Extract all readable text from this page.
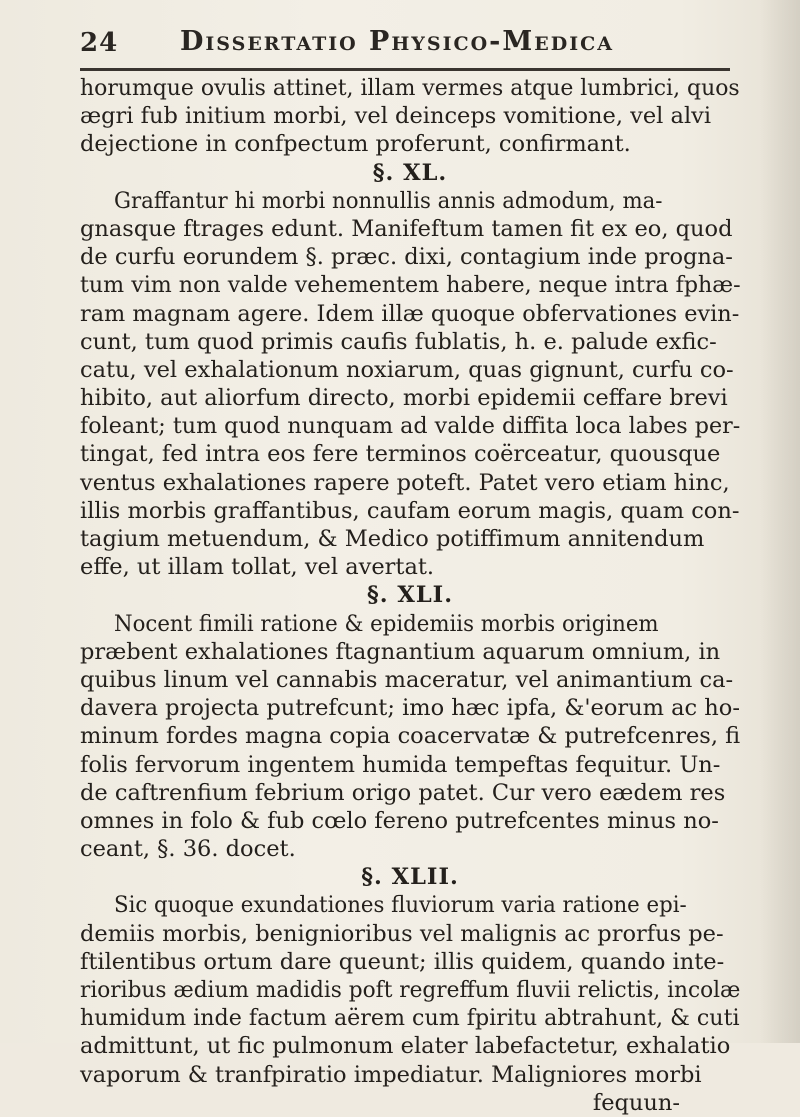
24 Dissertatio Physico-Medica
horumque ovulis attinet, illam vermes atque lumbrici, quos
ægri fub initium morbi, vel deinceps vomitione, vel alvi
dejectione in confpectum proferunt, confirmant.
§. XL.
Graffantur hi morbi nonnullis annis admodum, ma-
gnasque ftrages edunt. Manifeftum tamen fit ex eo, quod
de curfu eorundem §. præc. dixi, contagium inde progna-
tum vim non valde vehementem habere, neque intra fphæ-
ram magnam agere. Idem illæ quoque obfervationes evin-
cunt, tum quod primis caufis fublatis, h. e. palude exfic-
catu, vel exhalationum noxiarum, quas gignunt, curfu co-
hibito, aut aliorfum directo, morbi epidemii ceffare brevi
foleant; tum quod nunquam ad valde diffita loca labes per-
tingat, fed intra eos fere terminos coërceatur, quousque
ventus exhalationes rapere poteft. Patet vero etiam hinc,
illis morbis graffantibus, caufam eorum magis, quam con-
tagium metuendum, & Medico potiffimum annitendum
effe, ut illam tollat, vel avertat.
§. XLI.
Nocent fimili ratione & epidemiis morbis originem
præbent exhalationes ftagnantium aquarum omnium, in
quibus linum vel cannabis maceratur, vel animantium ca-
davera projecta putrefcunt; imo hæc ipfa, &'eorum ac ho-
minum fordes magna copia coacervatæ & putrefcenres, fi
folis fervorum ingentem humida tempeftas fequitur. Un-
de caftrenfium febrium origo patet. Cur vero eædem res
omnes in folo & fub cœlo fereno putrefcentes minus no-
ceant, §. 36. docet.
§. XLII.
Sic quoque exundationes fluviorum varia ratione epi-
demiis morbis, benignioribus vel malignis ac prorfus pe-
ftilentibus ortum dare queunt; illis quidem, quando inte-
rioribus ædium madidis poft regreffum fluvii relictis, incolæ
humidum inde factum aërem cum fpiritu abtrahunt, & cuti
admittunt, ut fic pulmonum elater labefactetur, exhalatio
vaporum & tranfpiratio impediatur. Maligniores morbi
fequun-
